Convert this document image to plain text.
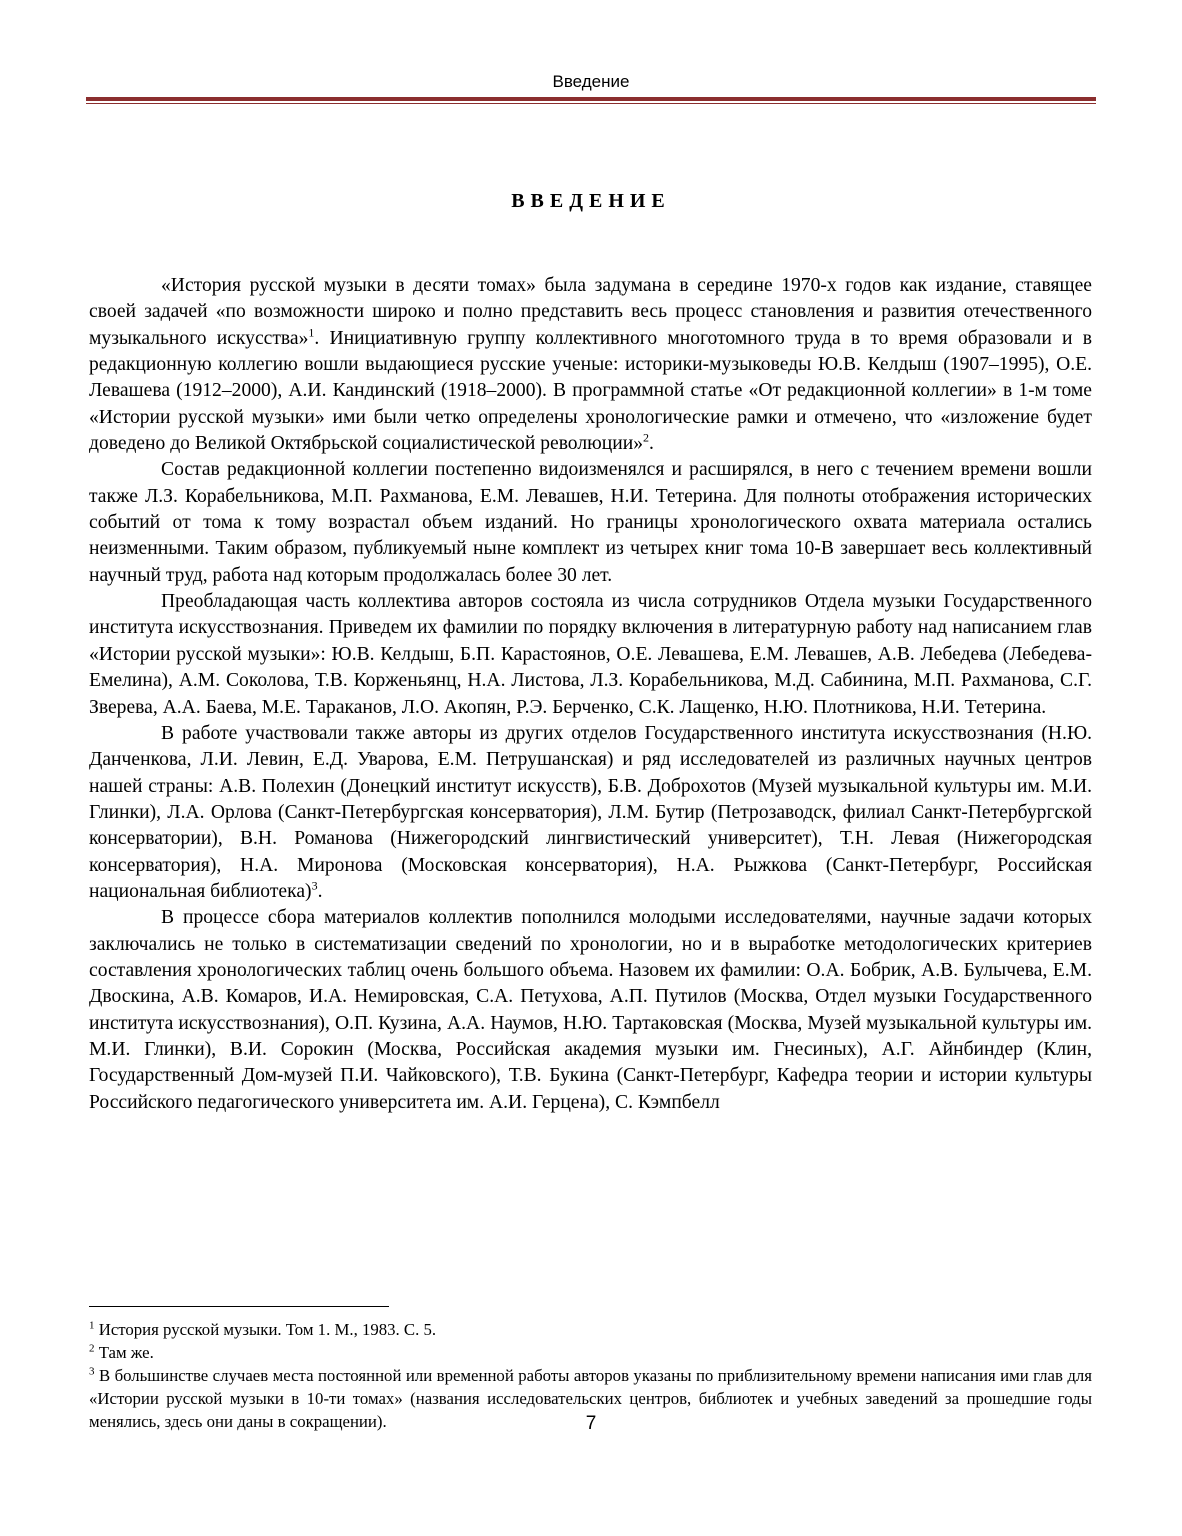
Введение
ВВЕДЕНИЕ

«История русской музыки в десяти томах» была задумана в середине 1970-х годов как издание, ставящее своей задачей «по возможности широко и полно представить весь процесс становления и развития отечественного музыкального искусства»$^1$. Инициативную группу коллективного многотомного труда в то время образовали и в редакционную коллегию вошли выдающиеся русские ученые: историки-музыковеды Ю.В. Келдыш (1907–1995), О.Е. Левашева (1912–2000), А.И. Кандинский (1918–2000). В программной статье «От редакционной коллегии» в 1-м томе «Истории русской музыки» ими были четко определены хронологические рамки и отмечено, что «изложение будет доведено до Великой Октябрьской социалистической революции»$^2$.

Состав редакционной коллегии постепенно видоизменялся и расширялся, в него с течением времени вошли также Л.З. Корабельникова, М.П. Рахманова, Е.М. Левашев, Н.И. Тетерина. Для полноты отображения исторических событий от тома к тому возрастал объем изданий. Но границы хронологического охвата материала остались неизменными. Таким образом, публикуемый ныне комплект из четырех книг тома 10-В завершает весь коллективный научный труд, работа над которым продолжалась более 30 лет.

Преобладающая часть коллектива авторов состояла из числа сотрудников Отдела музыки Государственного института искусствознания. Приведем их фамилии по порядку включения в литературную работу над написанием глав «Истории русской музыки»: Ю.В. Келдыш, Б.П. Карастоянов, О.Е. Левашева, Е.М. Левашев, А.В. Лебедева (Лебедева-Емелина), А.М. Соколова, Т.В. Корженьянц, Н.А. Листова, Л.З. Корабельникова, М.Д. Сабинина, М.П. Рахманова, С.Г. Зверева, А.А. Баева, М.Е. Тараканов, Л.О. Акопян, Р.Э. Берченко, С.К. Лащенко, Н.Ю. Плотникова, Н.И. Тетерина.

В работе участвовали также авторы из других отделов Государственного института искусствознания (Н.Ю. Данченкова, Л.И. Левин, Е.Д. Уварова, Е.М. Петрушанская) и ряд исследователей из различных научных центров нашей страны: А.В. Полехин (Донецкий институт искусств), Б.В. Доброхотов (Музей музыкальной культуры им. М.И. Глинки), Л.А. Орлова (Санкт-Петербургская консерватория), Л.М. Бутир (Петрозаводск, филиал Санкт-Петербургской консерватории), В.Н. Романова (Нижегородский лингвистический университет), Т.Н. Левая (Нижегородская консерватория), Н.А. Миронова (Московская консерватория), Н.А. Рыжкова (Санкт-Петербург, Российская национальная библиотека)$^3$.

В процессе сбора материалов коллектив пополнился молодыми исследователями, научные задачи которых заключались не только в систематизации сведений по хронологии, но и в выработке методологических критериев составления хронологических таблиц очень большого объема. Назовем их фамилии: О.А. Бобрик, А.В. Булычева, Е.М. Двоскина, А.В. Комаров, И.А. Немировская, С.А. Петухова, А.П. Путилов (Москва, Отдел музыки Государственного института искусствознания), О.П. Кузина, А.А. Наумов, Н.Ю. Тартаковская (Москва, Музей музыкальной культуры им. М.И. Глинки), В.И. Сорокин (Москва, Российская академия музыки им. Гнесиных), А.Г. Айнбиндер (Клин, Государственный Дом-музей П.И. Чайковского), Т.В. Букина (Санкт-Петербург, Кафедра теории и истории культуры Российского педагогического университета им. А.И. Герцена), С. Кэмпбелл

$^1$ История русской музыки. Том 1. М., 1983. С. 5.

$^2$ Там же.

$^3$ В большинстве случаев места постоянной или временной работы авторов указаны по приблизительному времени написания ими глав для «Истории русской музыки в 10-ти томах» (названия исследовательских центров, библиотек и учебных заведений за прошедшие годы менялись, здесь они даны в сокращении).	7
